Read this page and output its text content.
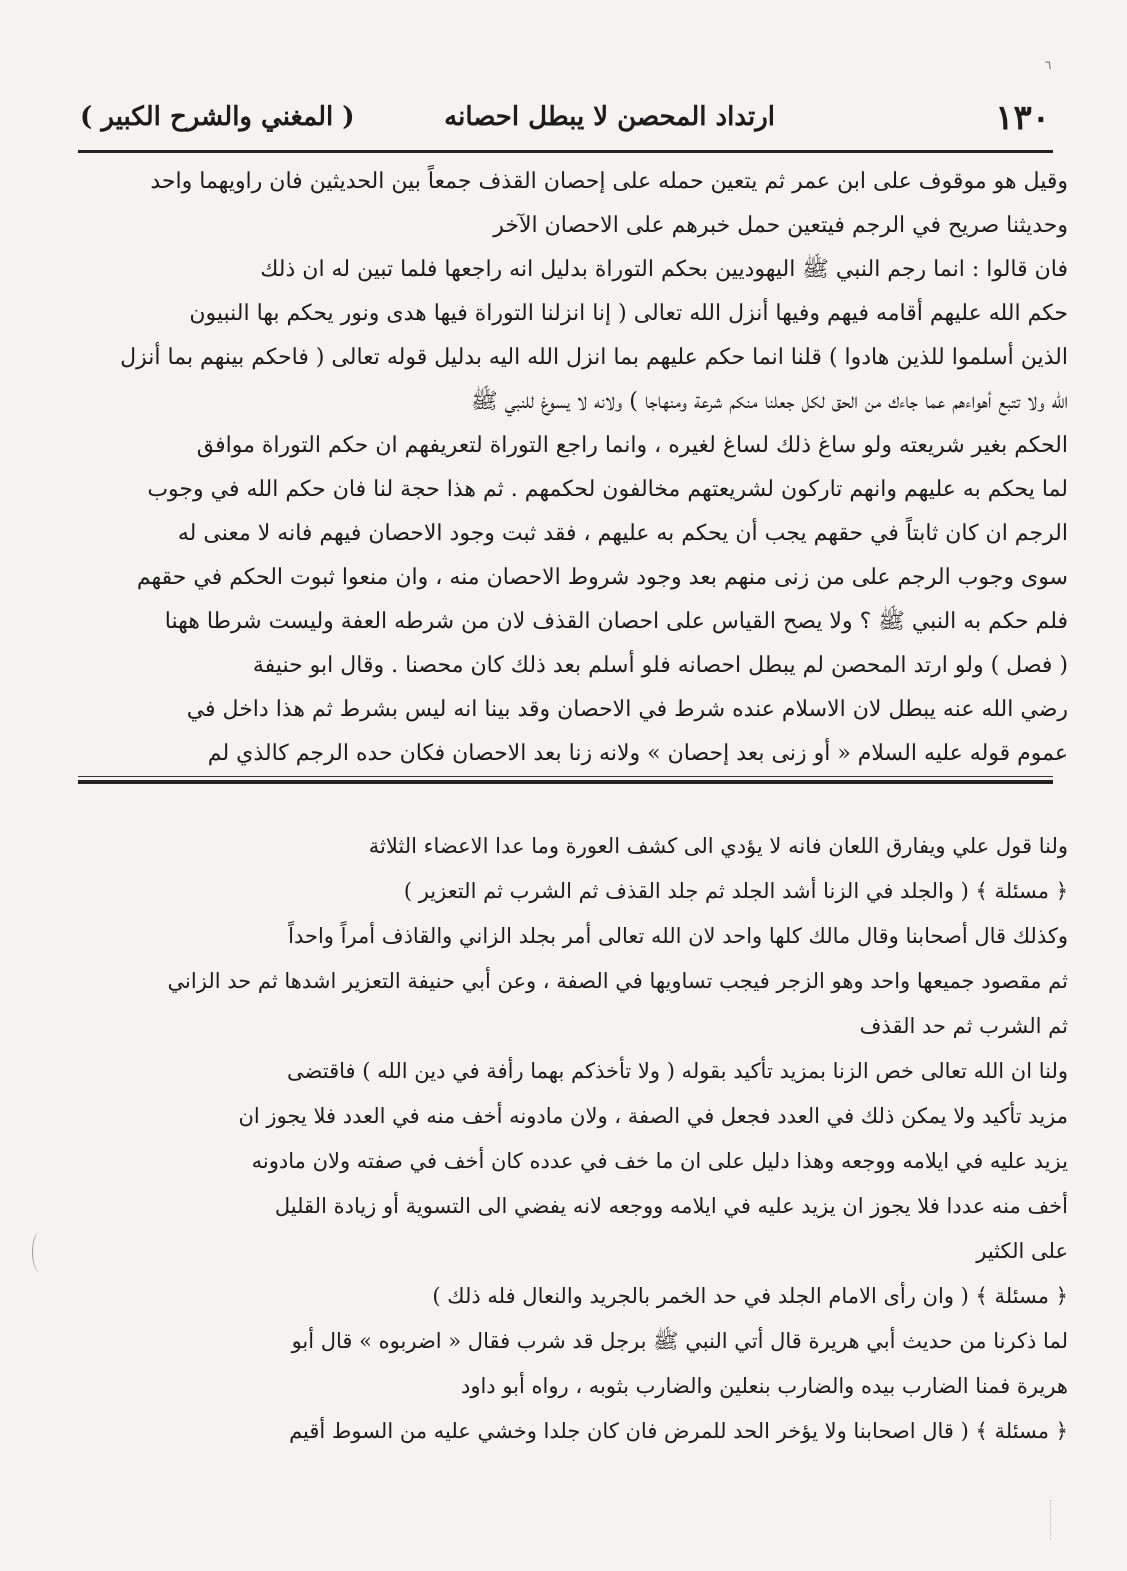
٦
١٣٠
ارتداد المحصن لا يبطل احصانه
( المغني والشرح الكبير )
وقيل هو موقوف على ابن عمر ثم يتعين حمله على إحصان القذف جمعاً بين الحديثين فان راويهما واحد
وحديثنا صريح في الرجم فيتعين حمل خبرهم على الاحصان الآخر
فان قالوا : انما رجم النبي ﷺ اليهوديين بحكم التوراة بدليل انه راجعها فلما تبين له ان ذلك
حكم الله عليهم أقامه فيهم وفيها أنزل الله تعالى ( إنا انزلنا التوراة فيها هدى ونور يحكم بها النبيون
الذين أسلموا للذين هادوا ) قلنا انما حكم عليهم بما انزل الله اليه بدليل قوله تعالى ( فاحكم بينهم بما أنزل
الله ولا تتبع أهواءهم عما جاءك من الحق لكل جعلنا منكم شرعة ومنهاجا ) ولانه لا يسوغ للنبي ﷺ
الحكم بغير شريعته ولو ساغ ذلك لساغ لغيره ، وانما راجع التوراة لتعريفهم ان حكم التوراة موافق
لما يحكم به عليهم وانهم تاركون لشريعتهم مخالفون لحكمهم . ثم هذا حجة لنا فان حكم الله في وجوب
الرجم ان كان ثابتاً في حقهم يجب أن يحكم به عليهم ، فقد ثبت وجود الاحصان فيهم فانه لا معنى له
سوى وجوب الرجم على من زنى منهم بعد وجود شروط الاحصان منه ، وان منعوا ثبوت الحكم في حقهم
فلم حكم به النبي ﷺ ؟ ولا يصح القياس على احصان القذف لان من شرطه العفة وليست شرطا ههنا
( فصل ) ولو ارتد المحصن لم يبطل احصانه فلو أسلم بعد ذلك كان محصنا . وقال ابو حنيفة
رضي الله عنه يبطل لان الاسلام عنده شرط في الاحصان وقد بينا انه ليس بشرط ثم هذا داخل في
عموم قوله عليه السلام « أو زنى بعد إحصان » ولانه زنا بعد الاحصان فكان حده الرجم كالذي لم
ولنا قول علي ويفارق اللعان فانه لا يؤدي الى كشف العورة وما عدا الاعضاء الثلاثة
﴿ مسئلة ﴾ ( والجلد في الزنا أشد الجلد ثم جلد القذف ثم الشرب ثم التعزير )
وكذلك قال أصحابنا وقال مالك كلها واحد لان الله تعالى أمر بجلد الزاني والقاذف أمراً واحداً
ثم مقصود جميعها واحد وهو الزجر فيجب تساويها في الصفة ، وعن أبي حنيفة التعزير اشدها ثم حد الزاني
ثم الشرب ثم حد القذف
ولنا ان الله تعالى خص الزنا بمزيد تأكيد بقوله ( ولا تأخذكم بهما رأفة في دين الله ) فاقتضى
مزيد تأكيد ولا يمكن ذلك في العدد فجعل في الصفة ، ولان مادونه أخف منه في العدد فلا يجوز ان
يزيد عليه في ايلامه ووجعه وهذا دليل على ان ما خف في عدده كان أخف في صفته ولان مادونه
أخف منه عددا فلا يجوز ان يزيد عليه في ايلامه ووجعه لانه يفضي الى التسوية أو زيادة القليل
على الكثير
﴿ مسئلة ﴾ ( وان رأى الامام الجلد في حد الخمر بالجريد والنعال فله ذلك )
لما ذكرنا من حديث أبي هريرة قال أتي النبي ﷺ برجل قد شرب فقال « اضربوه » قال أبو
هريرة فمنا الضارب بيده والضارب بنعلين والضارب بثوبه ، رواه أبو داود
﴿ مسئلة ﴾ ( قال اصحابنا ولا يؤخر الحد للمرض فان كان جلدا وخشي عليه من السوط أقيم
